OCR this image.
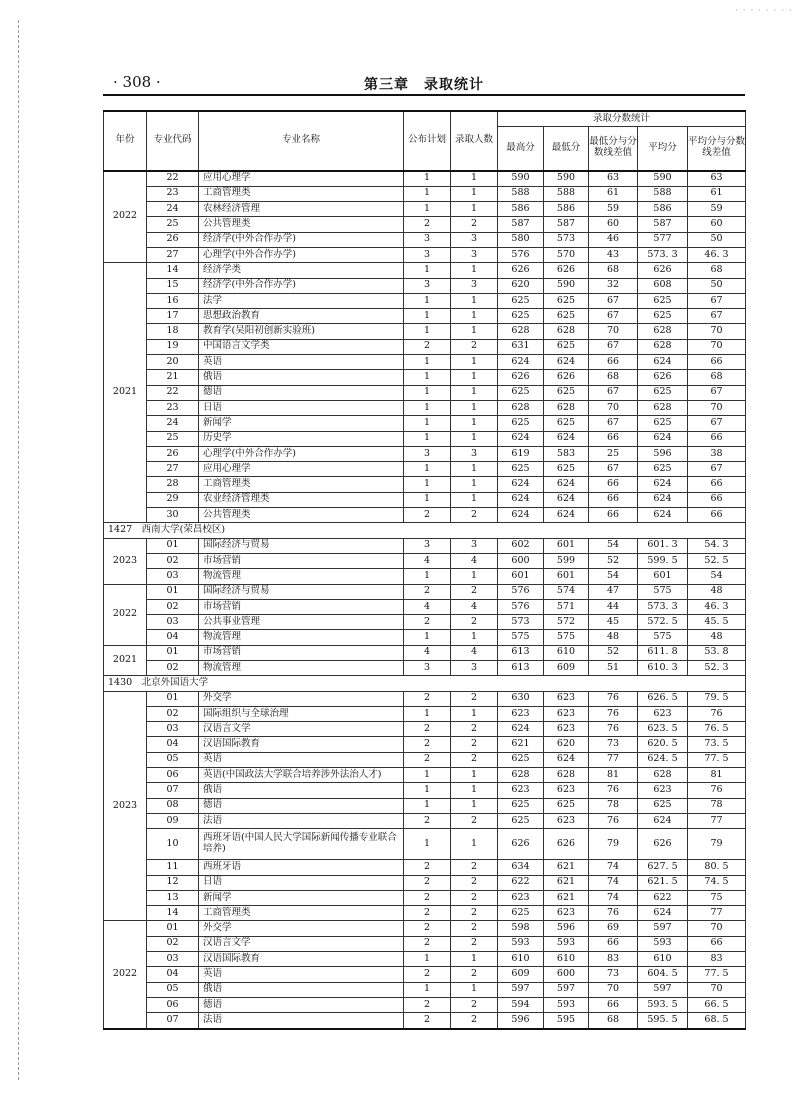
· · · · · · · ·
· 308 ·	第三章　录取统计
年份	专业代码	专业名称	公布计划	录取人数	录取分数统计				
					最高分	最低分	最低分与分数线差值	平均分	平均分与分数线差值
2022	22	应用心理学	1	1	590	590	63	590	63
	23	工商管理类	1	1	588	588	61	588	61
	24	农林经济管理	1	1	586	586	59	586	59
	25	公共管理类	2	2	587	587	60	587	60
	26	经济学(中外合作办学)	3	3	580	573	46	577	50
	27	心理学(中外合作办学)	3	3	576	570	43	573. 3	46. 3
2021	14	经济学类	1	1	626	626	68	626	68
	15	经济学(中外合作办学)	3	3	620	590	32	608	50
	16	法学	1	1	625	625	67	625	67
	17	思想政治教育	1	1	625	625	67	625	67
	18	教育学(吴阳初创新实验班)	1	1	628	628	70	628	70
	19	中国语言文学类	2	2	631	625	67	628	70
	20	英语	1	1	624	624	66	624	66
	21	俄语	1	1	626	626	68	626	68
	22	德语	1	1	625	625	67	625	67
	23	日语	1	1	628	628	70	628	70
	24	新闻学	1	1	625	625	67	625	67
	25	历史学	1	1	624	624	66	624	66
	26	心理学(中外合作办学)	3	3	619	583	25	596	38
	27	应用心理学	1	1	625	625	67	625	67
	28	工商管理类	1	1	624	624	66	624	66
	29	农业经济管理类	1	1	624	624	66	624	66
	30	公共管理类	2	2	624	624	66	624	66
1427　西南大学(荣昌校区)									
2023	01	国际经济与贸易	3	3	602	601	54	601. 3	54. 3
	02	市场营销	4	4	600	599	52	599. 5	52. 5
	03	物流管理	1	1	601	601	54	601	54
2022	01	国际经济与贸易	2	2	576	574	47	575	48
	02	市场营销	4	4	576	571	44	573. 3	46. 3
	03	公共事业管理	2	2	573	572	45	572. 5	45. 5
	04	物流管理	1	1	575	575	48	575	48
2021	01	市场营销	4	4	613	610	52	611. 8	53. 8
	02	物流管理	3	3	613	609	51	610. 3	52. 3
1430　北京外国语大学									
2023	01	外交学	2	2	630	623	76	626. 5	79. 5
	02	国际组织与全球治理	1	1	623	623	76	623	76
	03	汉语言文学	2	2	624	623	76	623. 5	76. 5
	04	汉语国际教育	2	2	621	620	73	620. 5	73. 5
	05	英语	2	2	625	624	77	624. 5	77. 5
	06	英语(中国政法大学联合培养涉外法治人才)	1	1	628	628	81	628	81
	07	俄语	1	1	623	623	76	623	76
	08	德语	1	1	625	625	78	625	78
	09	法语	2	2	625	623	76	624	77
	10	西班牙语(中国人民大学国际新闻传播专业联合培养)	1	1	626	626	79	626	79
	11	西班牙语	2	2	634	621	74	627. 5	80. 5
	12	日语	2	2	622	621	74	621. 5	74. 5
	13	新闻学	2	2	623	621	74	622	75
	14	工商管理类	2	2	625	623	76	624	77
2022	01	外交学	2	2	598	596	69	597	70
	02	汉语言文学	2	2	593	593	66	593	66
	03	汉语国际教育	1	1	610	610	83	610	83
	04	英语	2	2	609	600	73	604. 5	77. 5
	05	俄语	1	1	597	597	70	597	70
	06	德语	2	2	594	593	66	593. 5	66. 5
	07	法语	2	2	596	595	68	595. 5	68. 5
